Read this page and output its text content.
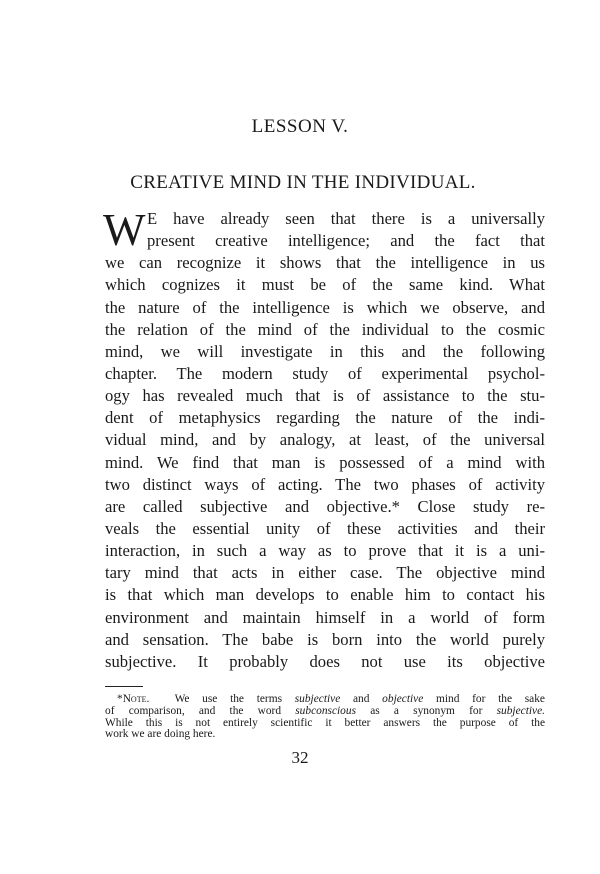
LESSON V.
CREATIVE MIND IN THE INDIVIDUAL.
W E have already seen that there is a universally
present creative intelligence; and the fact that
we can recognize it shows that the intelligence in us
which cognizes it must be of the same kind. What
the nature of the intelligence is which we observe, and
the relation of the mind of the individual to the cosmic
mind, we will investigate in this and the following
chapter. The modern study of experimental psychol-
ogy has revealed much that is of assistance to the stu-
dent of metaphysics regarding the nature of the indi-
vidual mind, and by analogy, at least, of the universal
mind. We find that man is possessed of a mind with
two distinct ways of acting. The two phases of activity
are called subjective and objective.* Close study re-
veals the essential unity of these activities and their
interaction, in such a way as to prove that it is a uni-
tary mind that acts in either case. The objective mind
is that which man develops to enable him to contact his
environment and maintain himself in a world of form
and sensation. The babe is born into the world purely
subjective. It probably does not use its objective
*Note. We use the terms subjective and objective mind for the sake
of comparison, and the word subconscious as a synonym for subjective.
While this is not entirely scientific it better answers the purpose of the
work we are doing here.
32
